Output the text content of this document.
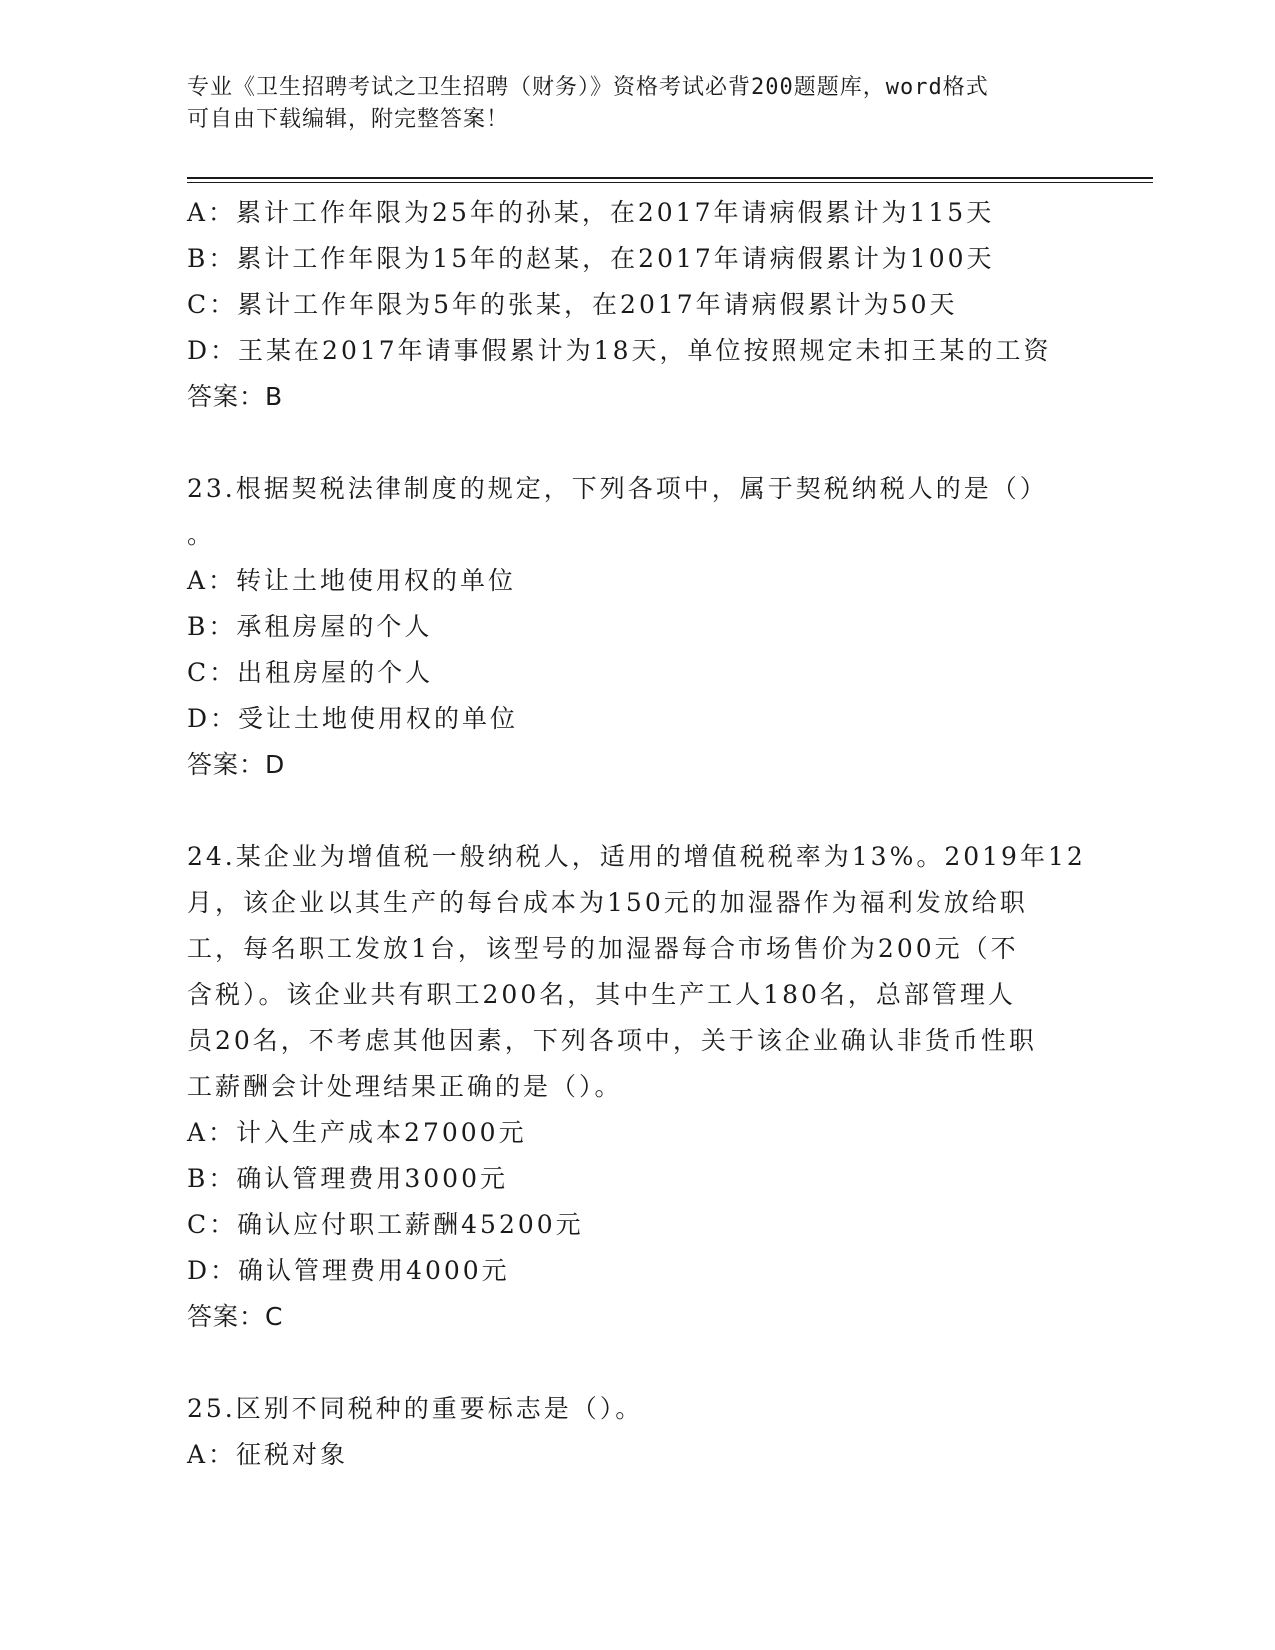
专业《卫生招聘考试之卫生招聘（财务）》资格考试必背200题题库，word格式
可自由下载编辑，附完整答案！
A：累计工作年限为25年的孙某，在2017年请病假累计为115天
B：累计工作年限为15年的赵某，在2017年请病假累计为100天
C：累计工作年限为5年的张某，在2017年请病假累计为50天
D：王某在2017年请事假累计为18天，单位按照规定未扣王某的工资
答案：B
23.根据契税法律制度的规定，下列各项中，属于契税纳税人的是（）
。
A：转让土地使用权的单位
B：承租房屋的个人
C：出租房屋的个人
D：受让土地使用权的单位
答案：D
24.某企业为增值税一般纳税人，适用的增值税税率为13%。2019年12
月，该企业以其生产的每台成本为150元的加湿器作为福利发放给职
工，每名职工发放1台，该型号的加湿器每合市场售价为200元（不
含税）。该企业共有职工200名，其中生产工人180名，总部管理人
员20名，不考虑其他因素，下列各项中，关于该企业确认非货币性职
工薪酬会计处理结果正确的是（）。
A：计入生产成本27000元
B：确认管理费用3000元
C：确认应付职工薪酬45200元
D：确认管理费用4000元
答案：C
25.区别不同税种的重要标志是（）。
A：征税对象
